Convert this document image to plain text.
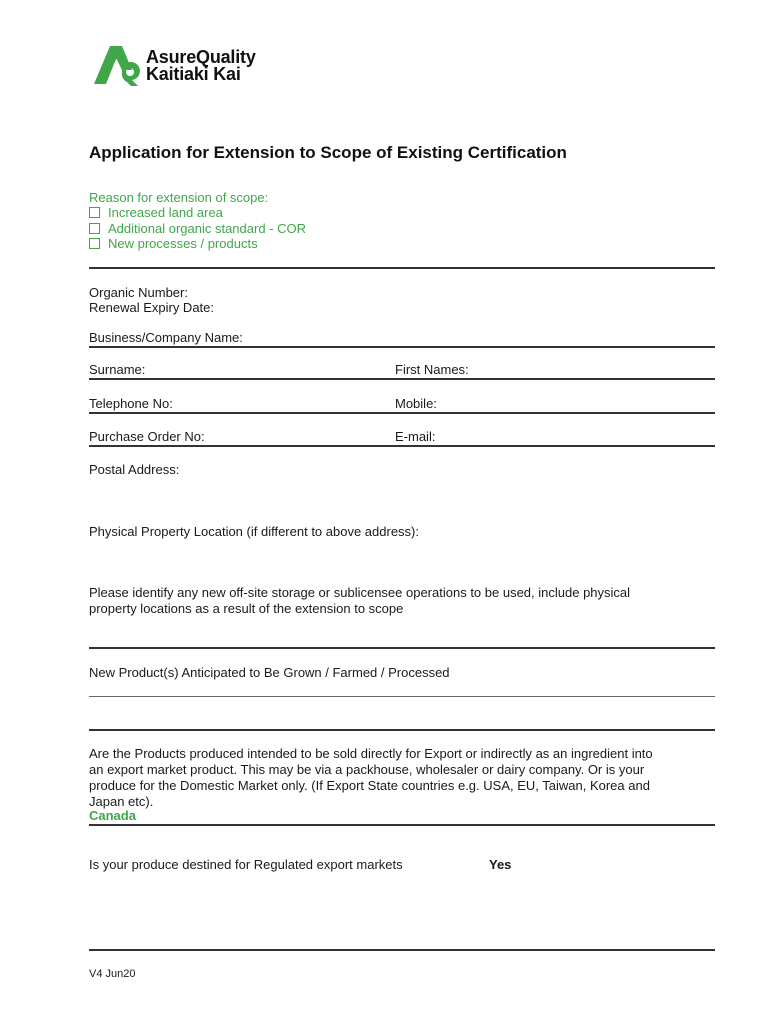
AsureQuality
Kaitiaki Kai
Application for Extension to Scope of Existing Certification
Reason for extension of scope:
Increased land area
Additional organic standard - COR
New processes / products
Organic Number:
Renewal Expiry Date:
Business/Company Name:
Surname:	First Names:
Telephone No:	Mobile:
Purchase Order No:	E-mail:
Postal Address:
Physical Property Location (if different to above address):
Please identify any new off-site storage or sublicensee operations to be used, include physical
property locations as a result of the extension to scope
New Product(s) Anticipated to Be Grown / Farmed / Processed
Are the Products produced intended to be sold directly for Export or indirectly as an ingredient into
an export market product. This may be via a packhouse, wholesaler or dairy company. Or is your
produce for the Domestic Market only. (If Export State countries e.g. USA, EU, Taiwan, Korea and
Japan etc).
Canada
Is your produce destined for Regulated export markets	Yes
V4 Jun20
